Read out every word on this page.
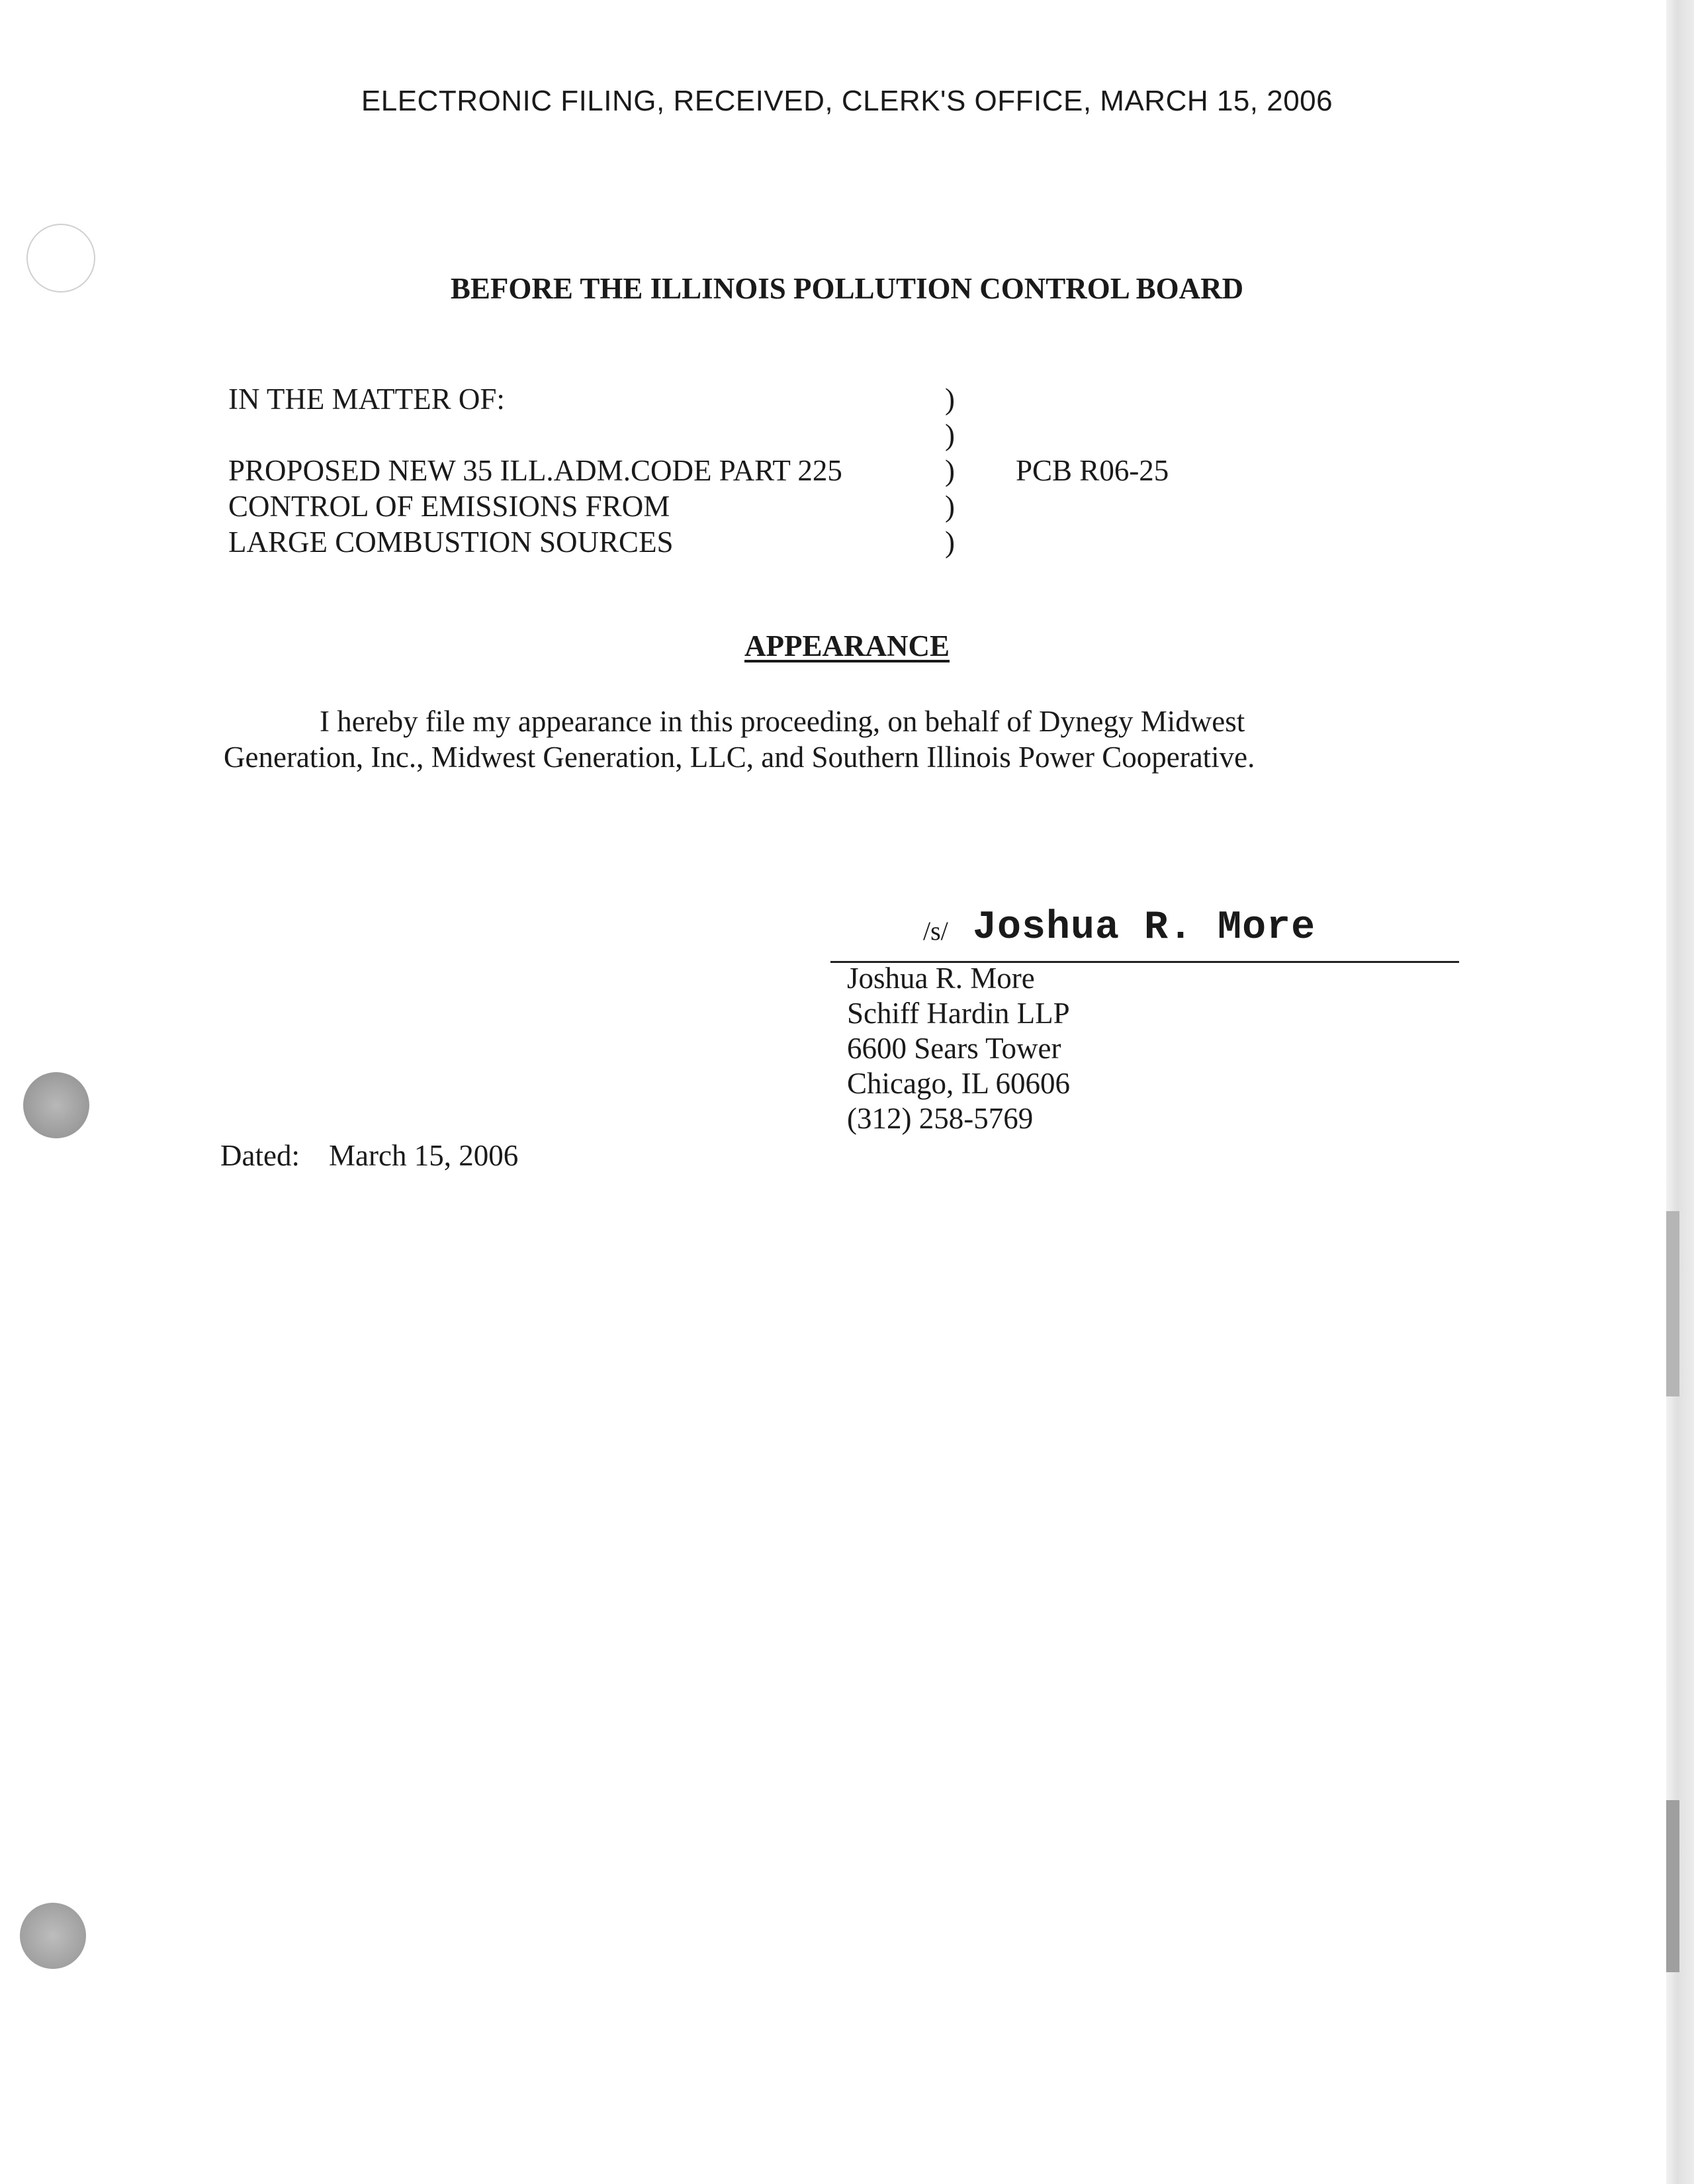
ELECTRONIC FILING, RECEIVED, CLERK'S OFFICE, MARCH 15, 2006
BEFORE THE ILLINOIS POLLUTION CONTROL BOARD
IN THE MATTER OF:
PROPOSED NEW 35 ILL.ADM.CODE PART 225
CONTROL OF EMISSIONS FROM
LARGE COMBUSTION SOURCES
)
)
)
)
)
PCB R06-25
APPEARANCE
I hereby file my appearance in this proceeding, on behalf of Dynegy Midwest
Generation, Inc., Midwest Generation, LLC, and Southern Illinois Power Cooperative.
/s/ Joshua R. More
Joshua R. More
Schiff Hardin LLP
6600 Sears Tower
Chicago, IL 60606
(312) 258-5769
Dated: March 15, 2006
